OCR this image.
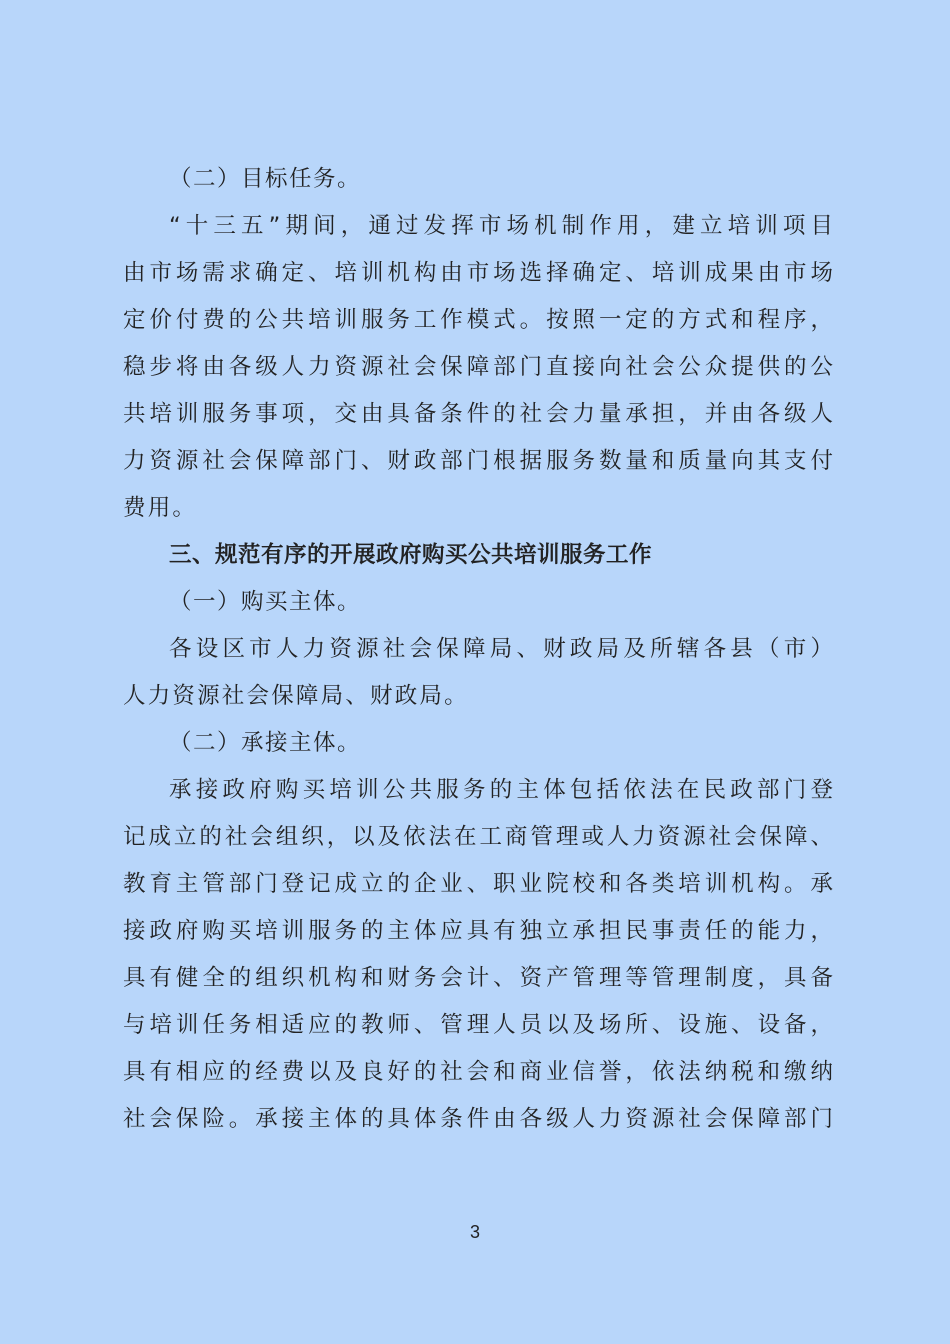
（二）目标任务。
“十三五”期间，通过发挥市场机制作用，建立培训项目
由市场需求确定、培训机构由市场选择确定、培训成果由市场
定价付费的公共培训服务工作模式。按照一定的方式和程序，
稳步将由各级人力资源社会保障部门直接向社会公众提供的公
共培训服务事项，交由具备条件的社会力量承担，并由各级人
力资源社会保障部门、财政部门根据服务数量和质量向其支付
费用。
三、规范有序的开展政府购买公共培训服务工作
（一）购买主体。
各设区市人力资源社会保障局、财政局及所辖各县（市）
人力资源社会保障局、财政局。
（二）承接主体。
承接政府购买培训公共服务的主体包括依法在民政部门登
记成立的社会组织，以及依法在工商管理或人力资源社会保障、
教育主管部门登记成立的企业、职业院校和各类培训机构。承
接政府购买培训服务的主体应具有独立承担民事责任的能力，
具有健全的组织机构和财务会计、资产管理等管理制度，具备
与培训任务相适应的教师、管理人员以及场所、设施、设备，
具有相应的经费以及良好的社会和商业信誉，依法纳税和缴纳
社会保险。承接主体的具体条件由各级人力资源社会保障部门
3
